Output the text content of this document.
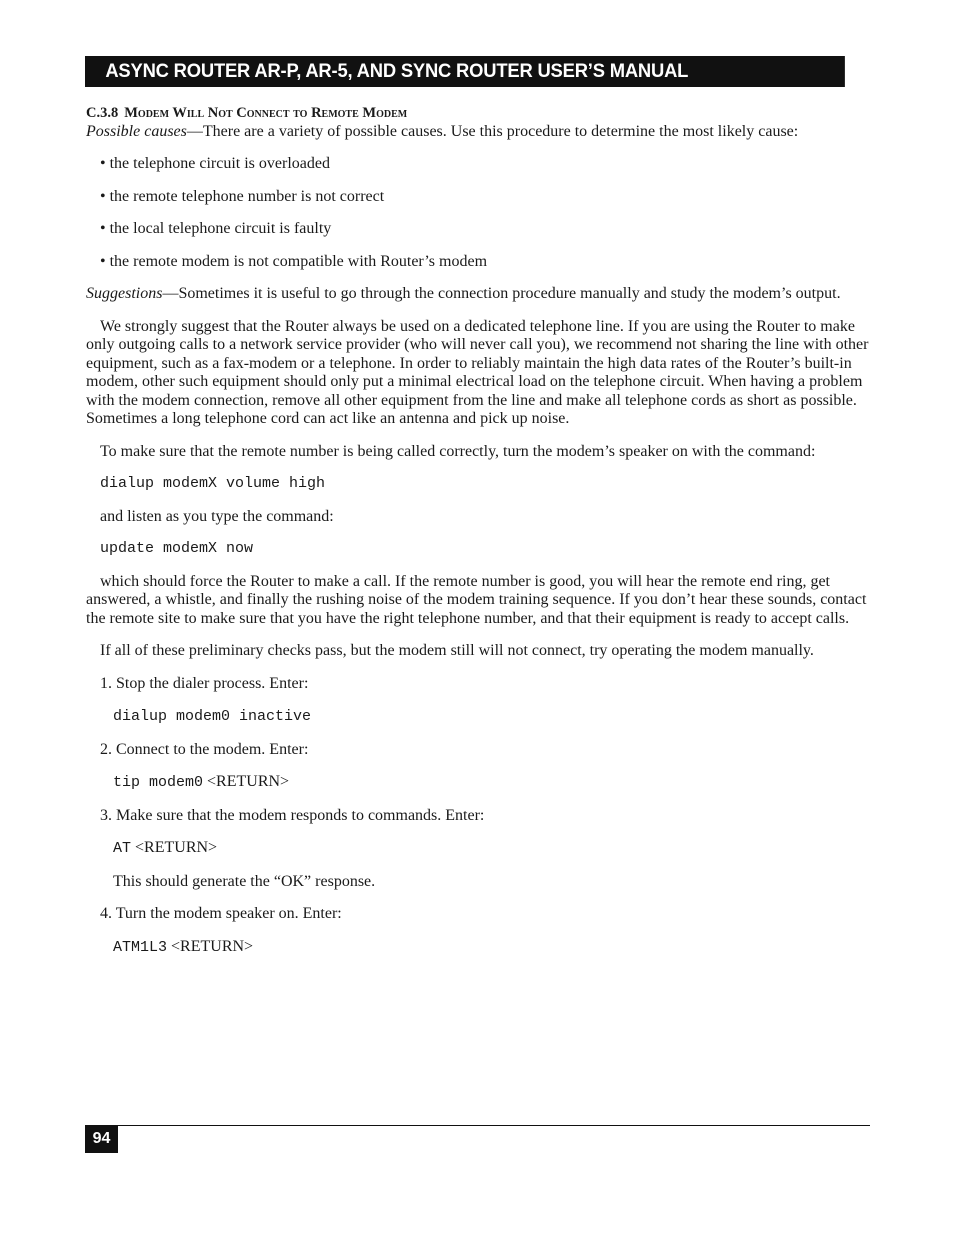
ASYNC ROUTER AR-P, AR-5, AND SYNC ROUTER USER’S MANUAL

C.3.8 Modem Will Not Connect to Remote Modem

Possible causes—There are a variety of possible causes. Use this procedure to determine the most likely cause:

• the telephone circuit is overloaded

• the remote telephone number is not correct

• the local telephone circuit is faulty

• the remote modem is not compatible with Router’s modem

Suggestions—Sometimes it is useful to go through the connection procedure manually and study the modem’s output.

We strongly suggest that the Router always be used on a dedicated telephone line. If you are using the Router to make only outgoing calls to a network service provider (who will never call you), we recommend not sharing the line with other equipment, such as a fax-modem or a telephone. In order to reliably maintain the high data rates of the Router’s built-in modem, other such equipment should only put a minimal electrical load on the telephone circuit. When having a problem with the modem connection, remove all other equipment from the line and make all telephone cords as short as possible. Sometimes a long telephone cord can act like an antenna and pick up noise.

To make sure that the remote number is being called correctly, turn the modem’s speaker on with the command:

dialup modemX volume high

and listen as you type the command:

update modemX now

which should force the Router to make a call. If the remote number is good, you will hear the remote end ring, get answered, a whistle, and finally the rushing noise of the modem training sequence. If you don’t hear these sounds, contact the remote site to make sure that you have the right telephone number, and that their equipment is ready to accept calls.

If all of these preliminary checks pass, but the modem still will not connect, try operating the modem manually.

1. Stop the dialer process. Enter:

dialup modem0 inactive

2. Connect to the modem. Enter:

tip modem0 <RETURN>

3. Make sure that the modem responds to commands. Enter:

AT <RETURN>

This should generate the “OK” response.

4. Turn the modem speaker on. Enter:

ATM1L3 <RETURN>

94
